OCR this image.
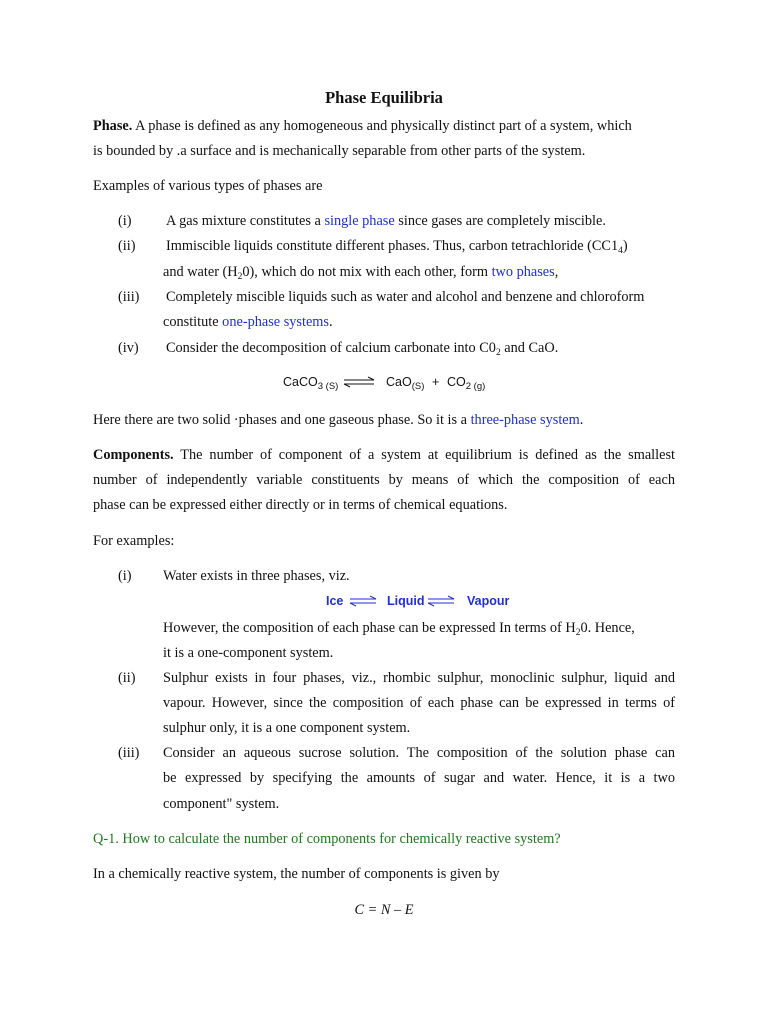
Phase Equilibria
Phase. A phase is defined as any homogeneous and physically distinct part of a system, which
is bounded by .a surface and is mechanically separable from other parts of the system.
Examples of various types of phases are
(i) A gas mixture constitutes a single phase since gases are completely miscible.
(ii) Immiscible liquids constitute different phases. Thus, carbon tetrachloride $(CC1_4)$
and water $(H_20)$, which do not mix with each other, form two phases,
(iii) Completely miscible liquids such as water and alcohol and benzene and chloroform
constitute one-phase systems.
(iv) Consider the decomposition of calcium carbonate into $C0_2$ and CaO.
CaCO$_{3 (S)}$ ⇌ $CaO_{(S)} + CO_{2 (g)}$
Here there are two solid ·phases and one gaseous phase. So it is a three-phase system.
Components. The number of component of a system at equilibrium is defined as the smallest
number of independently variable constituents by means of which the composition of each
phase can be expressed either directly or in terms of chemical equations.
For examples:
(i) Water exists in three phases, viz.
Ice ⇌ Liquid ⇌ Vapour
However, the composition of each phase can be expressed In terms of $H_20$. Hence,
it is a one-component system.
(ii) Sulphur exists in four phases, viz., rhombic sulphur, monoclinic sulphur, liquid and
vapour. However, since the composition of each phase can be expressed in terms of
sulphur only, it is a one component system.
(iii) Consider an aqueous sucrose solution. The composition of the solution phase can
be expressed by specifying the amounts of sugar and water. Hence, it is a two
component" system.
Q-1. How to calculate the number of components for chemically reactive system?
In a chemically reactive system, the number of components is given by
C = N – E
